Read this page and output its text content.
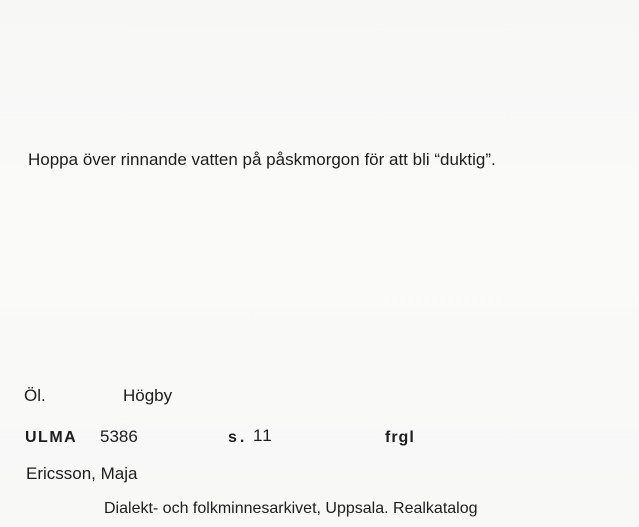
Hoppa över rinnande vatten på påskmorgon för att bli “duktig”.
Öl.	Högby
ULMA 5386	s. 11	frgl
Ericsson, Maja
Dialekt- och folkminnesarkivet, Uppsala. Realkatalog
